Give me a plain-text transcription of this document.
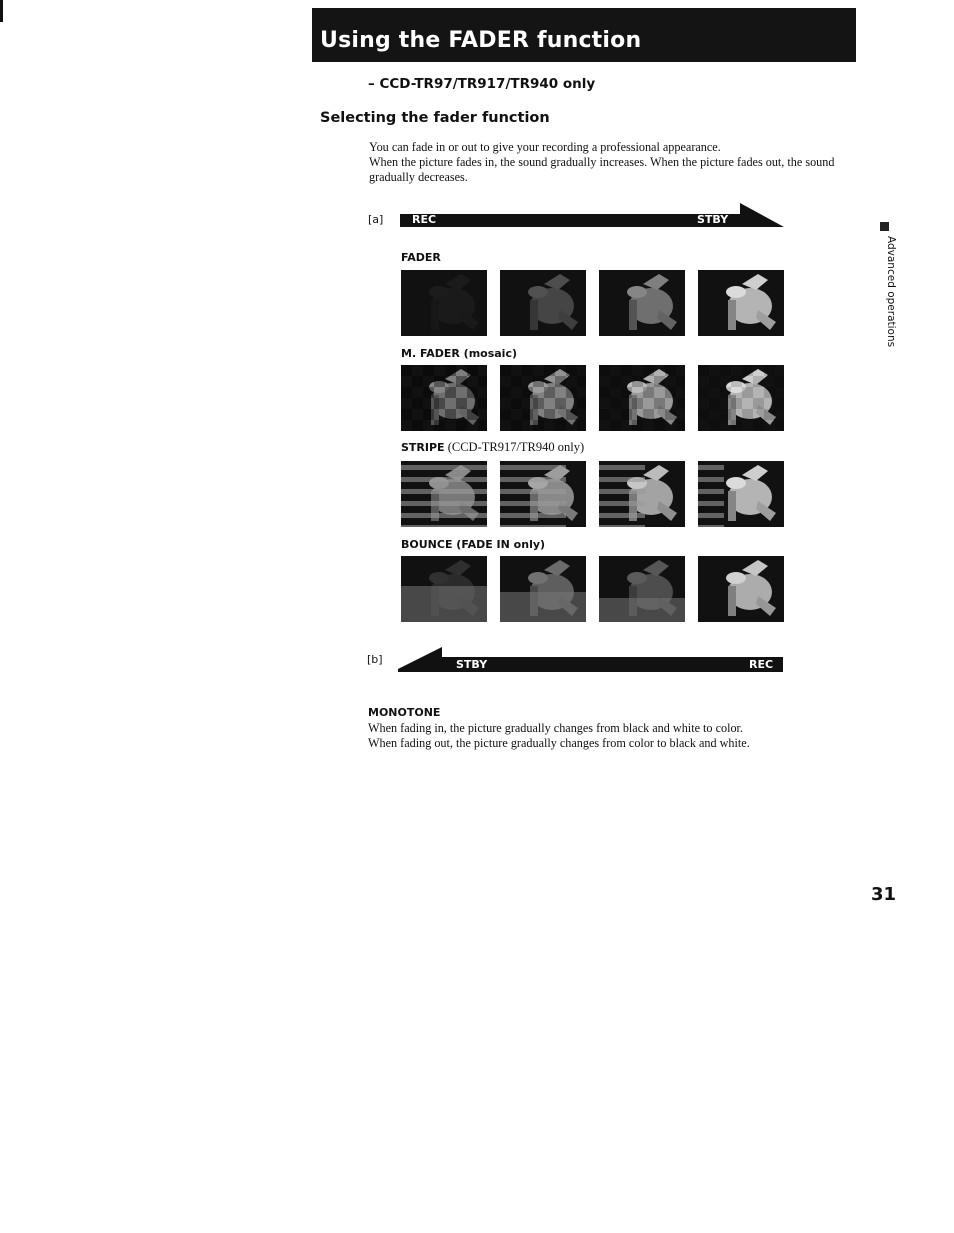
Using the FADER function
– CCD-TR97/TR917/TR940 only
Selecting the fader function

You can fade in or out to give your recording a professional appearance.

When the picture fades in, the sound gradually increases. When the picture fades out, the sound gradually decreases.

[a]	REC	STBY
FADER
M. FADER (mosaic)
STRIPE (CCD-TR917/TR940 only)
BOUNCE (FADE IN only)
[b]	STBY	REC
MONOTONE

When fading in, the picture gradually changes from black and white to color.

When fading out, the picture gradually changes from color to black and white.

Advanced operations
31
